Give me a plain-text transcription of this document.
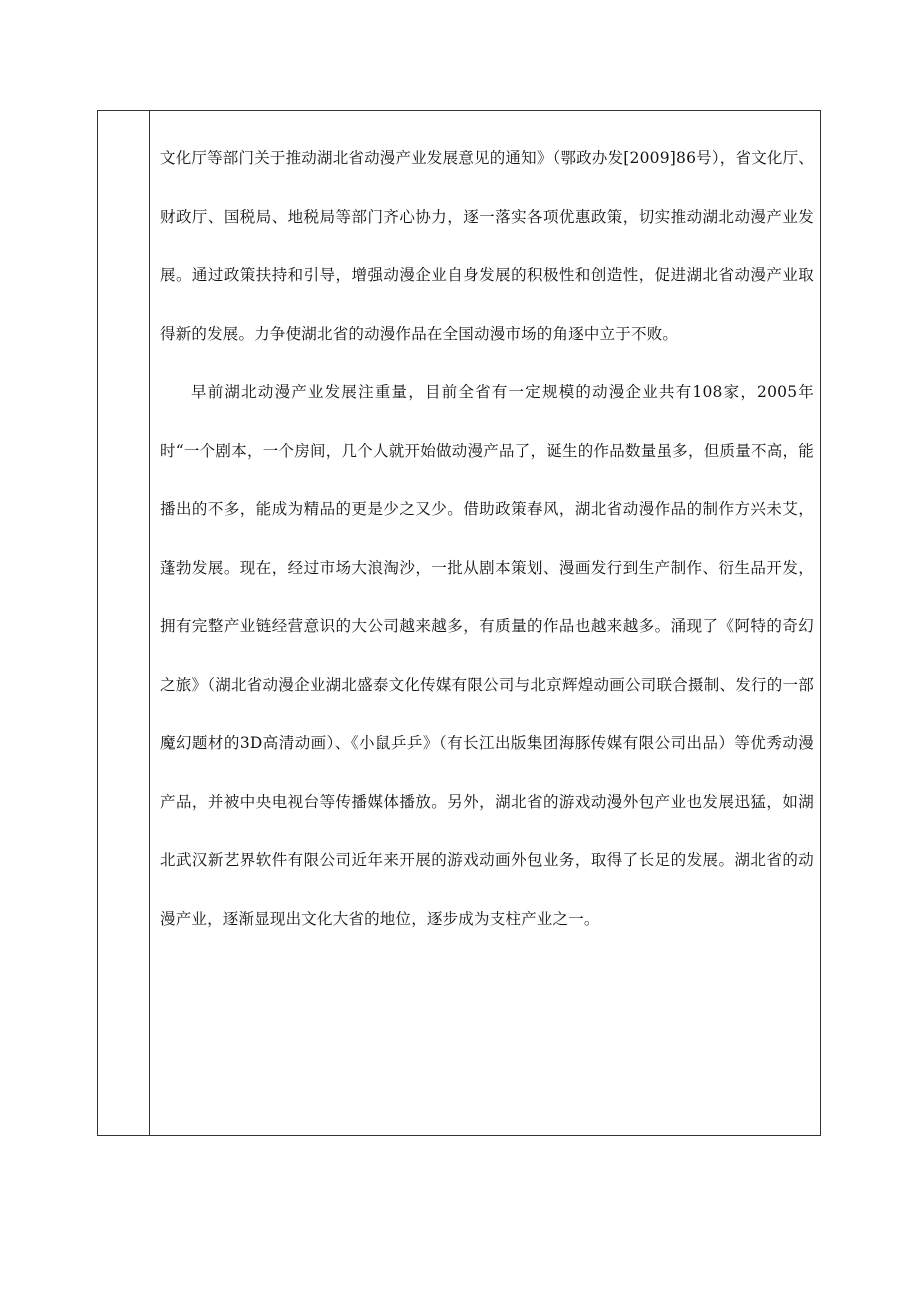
文化厅等部门关于推动湖北省动漫产业发展意见的通知》（鄂政办发[2009]86号），省文化厅、财政厅、国税局、地税局等部门齐心协力，逐一落实各项优惠政策，切实推动湖北动漫产业发展。通过政策扶持和引导，增强动漫企业自身发展的积极性和创造性，促进湖北省动漫产业取得新的发展。力争使湖北省的动漫作品在全国动漫市场的角逐中立于不败。

早前湖北动漫产业发展注重量，目前全省有一定规模的动漫企业共有108家，2005年时“一个剧本，一个房间，几个人就开始做动漫产品了，诞生的作品数量虽多，但质量不高，能播出的不多，能成为精品的更是少之又少。借助政策春风，湖北省动漫作品的制作方兴未艾，蓬勃发展。现在，经过市场大浪淘沙，一批从剧本策划、漫画发行到生产制作、衍生品开发，拥有完整产业链经营意识的大公司越来越多，有质量的作品也越来越多。涌现了《阿特的奇幻之旅》（湖北省动漫企业湖北盛泰文化传媒有限公司与北京辉煌动画公司联合摄制、发行的一部魔幻题材的3D高清动画）、《小鼠乒乒》（有长江出版集团海豚传媒有限公司出品）等优秀动漫产品，并被中央电视台等传播媒体播放。另外，湖北省的游戏动漫外包产业也发展迅猛，如湖北武汉新艺界软件有限公司近年来开展的游戏动画外包业务，取得了长足的发展。湖北省的动漫产业，逐渐显现出文化大省的地位，逐步成为支柱产业之一。
